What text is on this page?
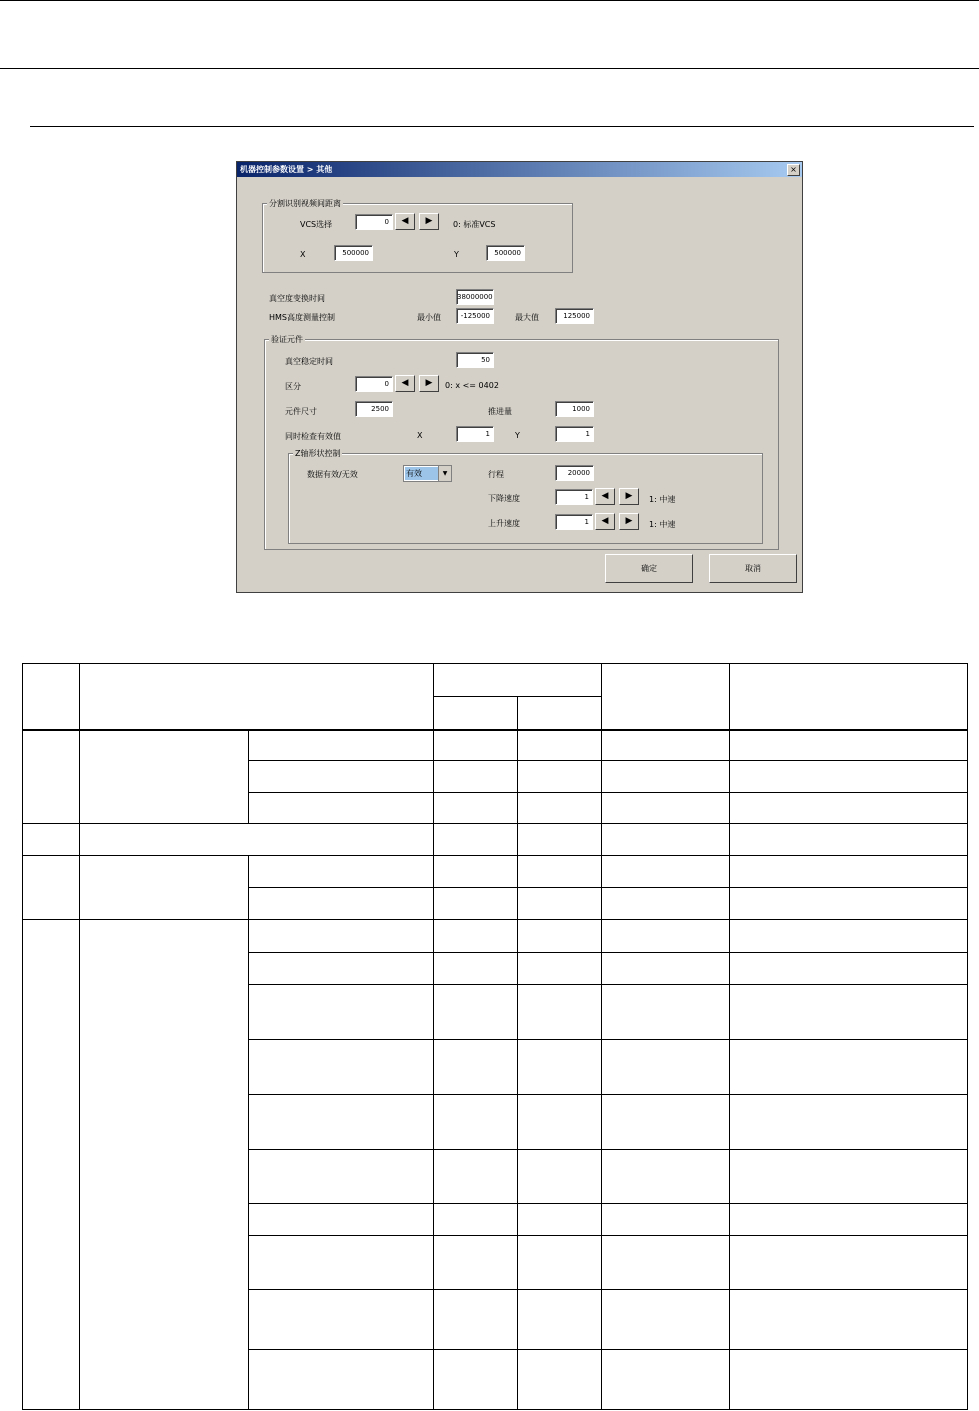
机器控制参数设置 > 其他	×
分割识别视频间距离
VCS选择	0	◀	▶	0: 标准VCS
X	500000	Y	500000
真空度变换时间	38000000
HMS高度测量控制	最小值	-125000	最大值	125000
验证元件
真空稳定时间	50
区分	0	◀	▶	0: x <= 0402
元件尺寸	2500	推进量	1000
同时检查有效值	X	1	Y	1
Z轴形状控制
数据有效/无效	有效	▼	行程	20000
下降速度	1	◀	▶	1: 中速
上升速度	1	◀	▶	1: 中速
确定	取消
